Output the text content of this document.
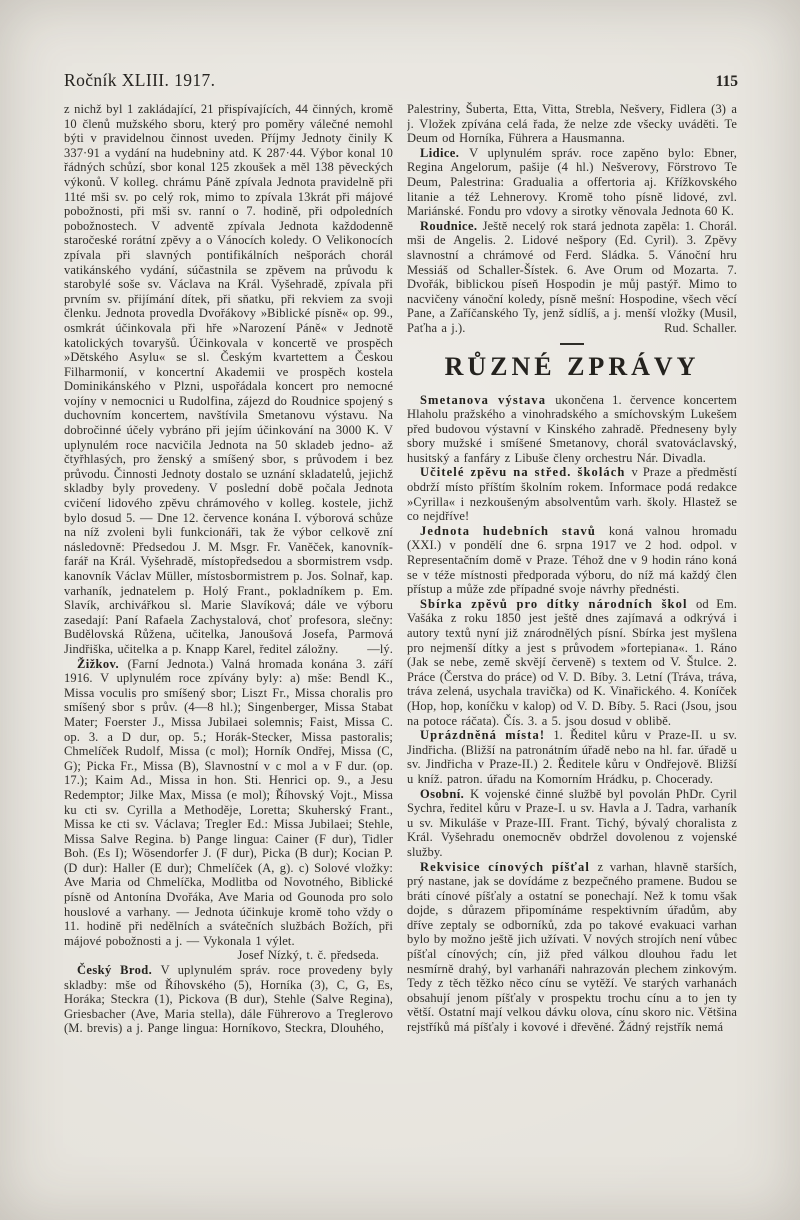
Ročník XLIII. 1917.	115

z nichž byl 1 zakládající, 21 přispívajících, 44 činných, kromě 10 členů mužského sboru, který pro poměry válečné nemohl býti v pravidelnou činnost uveden. Příjmy Jednoty činily K 337·91 a vydání na hudebniny atd. K 287·44. Výbor konal 10 řádných schůzí, sbor konal 125 zkoušek a měl 138 pěveckých výkonů. V kolleg. chrámu Páně zpívala Jednota pravidelně při 11té mši sv. po celý rok, mimo to zpívala 13krát při májové pobožnosti, při mši sv. ranní o 7. hodině, při odpoledních pobožnostech. V adventě zpívala Jednota každodenně staročeské rorátní zpěvy a o Vánocích koledy. O Velikonocích zpívala při slavných pontifikálních nešporách chorál vatikánského vydání, súčastnila se zpěvem na průvodu k starobylé soše sv. Václava na Král. Vyšehradě, zpívala při prvním sv. přijímání dítek, při sňatku, při rekviem za svoji členku. Jednota provedla Dvořákovy »Biblické písně« op. 99., osmkrát účinkovala při hře »Narození Páně« v Jednotě katolických tovaryšů. Účinkovala v koncertě ve prospěch »Dětského Asylu« se sl. Českým kvartettem a Českou Filharmonií, v koncertní Akademii ve prospěch kostela Dominikánského v Plzni, uspořádala koncert pro nemocné vojíny v nemocnici u Rudolfina, zájezd do Roudnice spojený s duchovním koncertem, navštívila Smetanovu výstavu. Na dobročinné účely vybráno při jejím účinkování na 3000 K. V uplynulém roce nacvičila Jednota na 50 skladeb jedno- až čtyřhlasých, pro ženský a smíšený sbor, s průvodem i bez průvodu. Činnosti Jednoty dostalo se uznání skladatelů, jejichž skladby byly provedeny. V poslední době počala Jednota cvičení lidového zpěvu chrámového v kolleg. kostele, jichž bylo dosud 5. — Dne 12. července konána I. výborová schůze na níž zvoleni byli funkcionáři, tak že výbor celkově zní následovně: Předsedou J. M. Msgr. Fr. Vaněček, kanovník-farář na Král. Vyšehradě, místopředsedou a sbormistrem vsdp. kanovník Václav Müller, místosbormistrem p. Jos. Solnař, kap. varhaník, jednatelem p. Holý Frant., pokladníkem p. Em. Slavík, archivářkou sl. Marie Slavíková; dále ve výboru zasedají: Paní Rafaela Zachystalová, choť profesora, slečny: Budělovská Růžena, učitelka, Janoušová Josefa, Parmová Jindřiška, učitelka a p. Knapp Karel, ředitel záložny.	—lý.

Žižkov. (Farní Jednota.) Valná hromada konána 3. září 1916. V uplynulém roce zpívány byly: a) mše: Bendl K., Missa voculis pro smíšený sbor; Liszt Fr., Missa choralis pro smíšený sbor s prův. (4—8 hl.); Singenberger, Missa Stabat Mater; Foerster J., Missa Jubilaei solemnis; Faist, Missa C. op. 3. a D dur, op. 5.; Horák-Stecker, Missa pastoralis; Chmelíček Rudolf, Missa (c mol); Horník Ondřej, Missa (C, G); Picka Fr., Missa (B), Slavnostní v c mol a v F dur. (op. 17.); Kaim Ad., Missa in hon. Sti. Henrici op. 9., a Jesu Redemptor; Jilke Max, Missa (e mol); Říhovský Vojt., Missa ku cti sv. Cyrilla a Methoděje, Loretta; Skuherský Frant., Missa ke cti sv. Václava; Tregler Ed.: Missa Jubilaei; Stehle, Missa Salve Regina. b) Pange lingua: Cainer (F dur), Tidler Boh. (Es I); Wösendorfer J. (F dur), Picka (B dur); Kocian P. (D dur): Haller (E dur); Chmelíček (A, g). c) Solové vložky: Ave Maria od Chmelíčka, Modlitba od Novotného, Biblické písně od Antonína Dvořáka, Ave Maria od Gounoda pro solo houslové a varhany. — Jednota účinkuje kromě toho vždy o 11. hodině při nedělních a svátečních službách Božích, při májové pobožnosti a j. — Vykonala 1 výlet.

Josef Nízký, t. č. předseda.

Český Brod. V uplynulém správ. roce provedeny byly skladby: mše od Říhovského (5), Horníka (3), C, G, Es, Horáka; Steckra (1), Pickova (B dur), Stehle (Salve Regina), Griesbacher (Ave, Maria stella), dále Führerovo a Treglerovo (M. brevis) a j. Pange lingua: Horníkovo, Steckra, Dlouhého,

Palestriny, Šuberta, Etta, Vitta, Strebla, Nešvery, Fidlera (3) a j. Vložek zpívána celá řada, že nelze zde všecky uváděti. Te Deum od Horníka, Führera a Hausmanna.

Lidice. V uplynulém správ. roce zapěno bylo: Ebner, Regina Angelorum, pašije (4 hl.) Nešverovy, Förstrovo Te Deum, Palestrina: Gradualia a offertoria aj. Křížkovského litanie a též Lehnerovy. Kromě toho písně lidové, zvl. Mariánské. Fondu pro vdovy a sirotky věnovala Jednota 60 K.

Roudnice. Ještě necelý rok stará jednota zapěla: 1. Chorál. mši de Angelis. 2. Lidové nešpory (Ed. Cyril). 3. Zpěvy slavnostní a chrámové od Ferd. Sládka. 5. Vánoční hru Messiáš od Schaller-Šístek. 6. Ave Orum od Mozarta. 7. Dvořák, biblickou píseň Hospodin je můj pastýř. Mimo to nacvičeny vánoční koledy, písně mešní: Hospodine, všech věcí Pane, a Zaříčanského Ty, jenž sídlíš, a j. menší vložky (Musil, Paťha a j.).	Rud. Schaller.
RŮZNÉ ZPRÁVY

Smetanova výstava ukončena 1. července koncertem Hlaholu pražského a vinohradského a smíchovským Lukešem před budovou výstavní v Kinského zahradě. Předneseny byly sbory mužské i smíšené Smetanovy, chorál svatováclavský, husitský a fanfáry z Libuše členy orchestru Nár. Divadla.

Učitelé zpěvu na střed. školách v Praze a předměstí obdrží místo příštím školním rokem. Informace podá redakce »Cyrilla« i nezkoušeným absolventům varh. školy. Hlastež se co nejdříve!

Jednota hudebních stavů koná valnou hromadu (XXI.) v pondělí dne 6. srpna 1917 ve 2 hod. odpol. v Representačním domě v Praze. Téhož dne v 9 hodin ráno koná se v téže místnosti předporada výboru, do níž má každý člen přístup a může zde případné svoje návrhy přednésti.

Sbírka zpěvů pro dítky národních škol od Em. Vašáka z roku 1850 jest ještě dnes zajímavá a odkrývá i autory textů nyní již znárodnělých písní. Sbírka jest myšlena pro nejmenší dítky a jest s průvodem »fortepiana«. 1. Ráno (Jak se nebe, země skvějí červeně) s textem od V. Štulce. 2. Práce (Čerstva do práce) od V. D. Bíby. 3. Letní (Tráva, tráva, tráva zelená, usychala travička) od K. Vinařického. 4. Koníček (Hop, hop, koníčku v kalop) od V. D. Bíby. 5. Raci (Jsou, jsou na potoce ráčata). Čís. 3. a 5. jsou dosud v oblibě.

Uprázdněná místa! 1. Ředitel kůru v Praze-II. u sv. Jindřicha. (Bližší na patronátním úřadě nebo na hl. far. úřadě u sv. Jindřicha v Praze-II.) 2. Ředitele kůru v Ondřejově. Bližší u kníž. patron. úřadu na Komorním Hrádku, p. Chocerady.

Osobní. K vojenské činné službě byl povolán PhDr. Cyril Sychra, ředitel kůru v Praze-I. u sv. Havla a J. Tadra, varhaník u sv. Mikuláše v Praze-III. Frant. Tichý, bývalý choralista z Král. Vyšehradu onemocněv obdržel dovolenou z vojenské služby.

Rekvisice cínových píšťal z varhan, hlavně starších, prý nastane, jak se dovídáme z bezpečného pramene. Budou se bráti cínové píšťaly a ostatní se ponechají. Než k tomu však dojde, s důrazem připomínáme respektivním úřadům, aby dříve zeptaly se odborníků, zda po takové evakuaci varhan bylo by možno ještě jich užívati. V nových strojích není vůbec píšťal cínových; cín, již před válkou dlouhou řadu let nesmírně drahý, byl varhanáři nahrazován plechem zinkovým. Tedy z těch těžko něco cínu se vytěží. Ve starých varhanách obsahují jenom píšťaly v prospektu trochu cínu a to jen ty větší. Ostatní mají velkou dávku olova, cínu skoro nic. Většina rejstříků má píšťaly i kovové i dřevěné. Žádný rejstřík nemá
